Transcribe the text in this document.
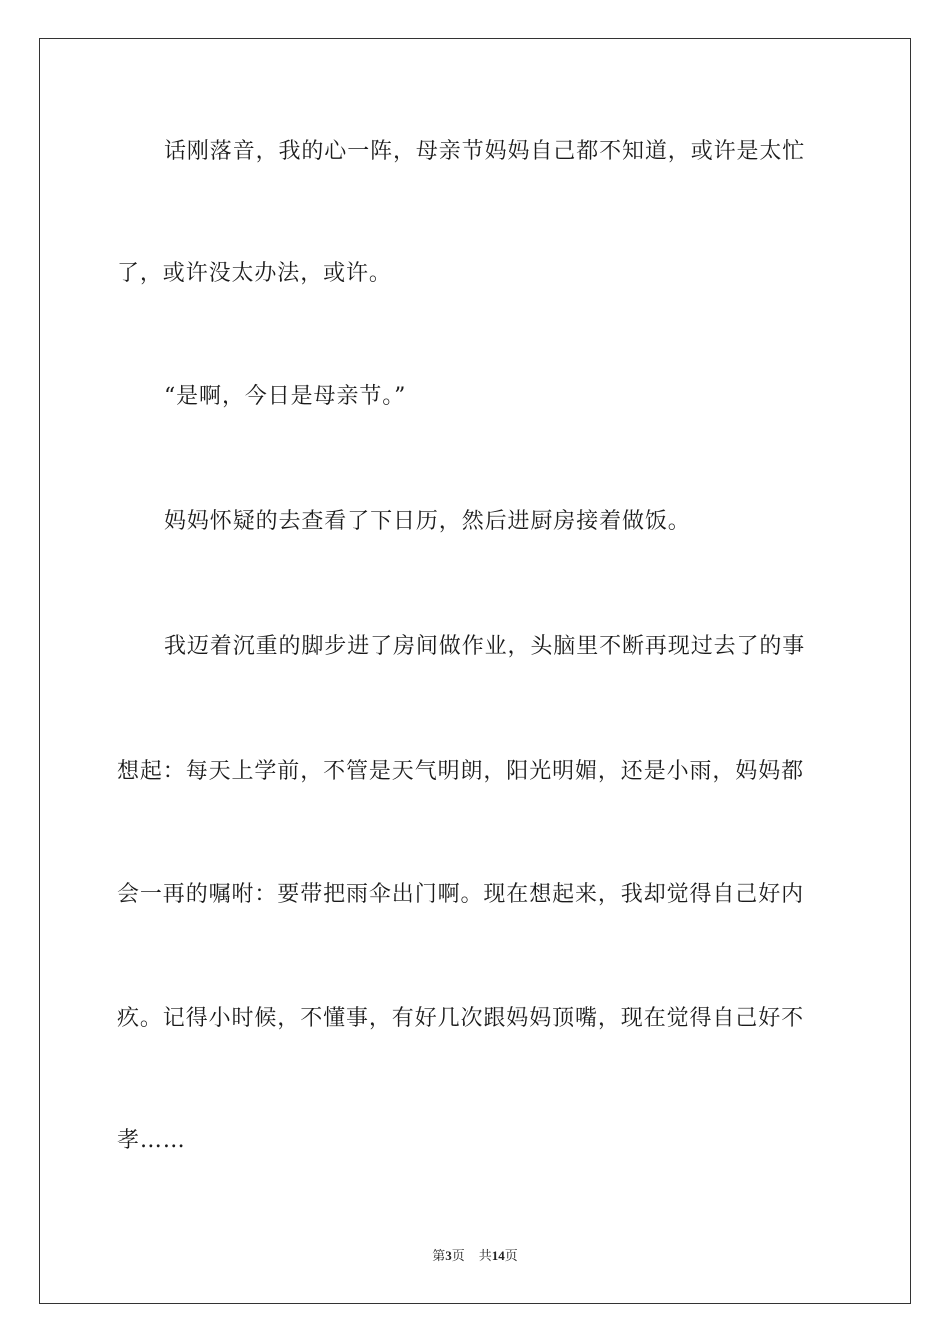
话刚落音，我的心一阵，母亲节妈妈自己都不知道，或许是太忙
了，或许没太办法，或许。
“是啊，今日是母亲节。”
妈妈怀疑的去查看了下日历，然后进厨房接着做饭。
我迈着沉重的脚步进了房间做作业，头脑里不断再现过去了的事
想起：每天上学前，不管是天气明朗，阳光明媚，还是小雨，妈妈都
会一再的嘱咐：要带把雨伞出门啊。现在想起来，我却觉得自己好内
疚。记得小时候，不懂事，有好几次跟妈妈顶嘴，现在觉得自己好不
孝……
第3页 共14页
